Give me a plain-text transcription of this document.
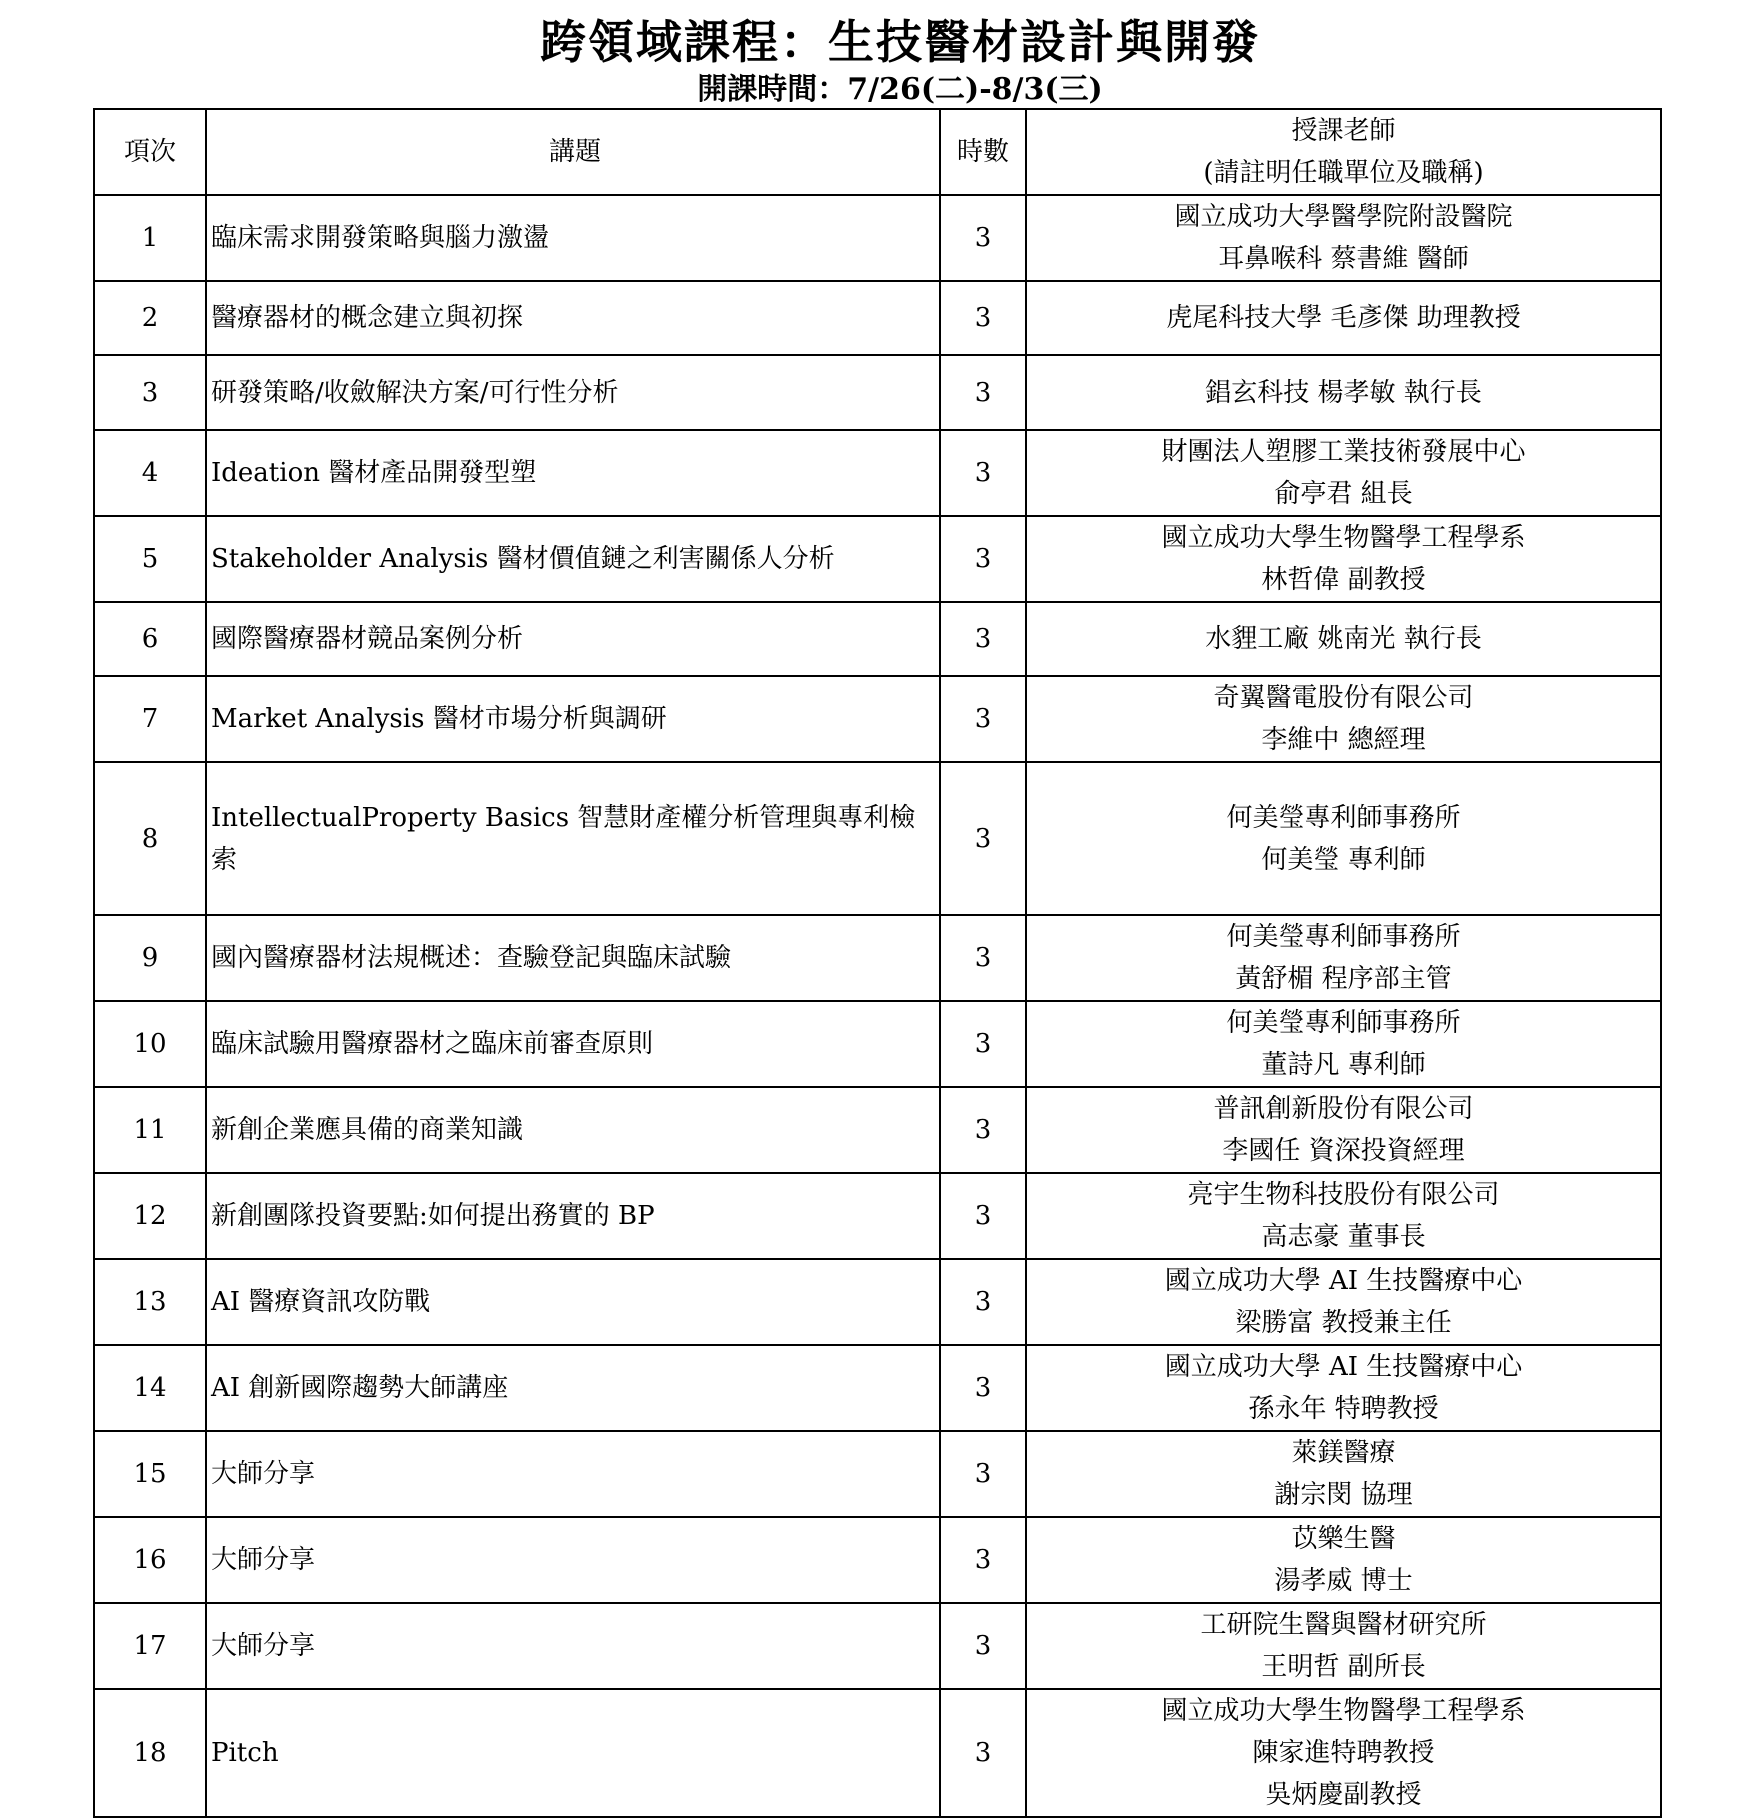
跨領域課程：生技醫材設計與開發
開課時間：7/26(二)-8/3(三)
項次	講題	時數	授課老師
(請註明任職單位及職稱)

1	臨床需求開發策略與腦力激盪	3	國立成功大學醫學院附設醫院
耳鼻喉科 蔡書維 醫師

2	醫療器材的概念建立與初探	3	虎尾科技大學 毛彥傑 助理教授

3	研發策略/收斂解決方案/可行性分析	3	錩玄科技 楊孝敏 執行長

4	Ideation 醫材產品開發型塑	3	財團法人塑膠工業技術發展中心
俞亭君 組長

5	Stakeholder Analysis 醫材價值鏈之利害關係人分析	3	國立成功大學生物醫學工程學系
林哲偉 副教授

6	國際醫療器材競品案例分析	3	水貍工廠 姚南光 執行長

7	Market Analysis 醫材市場分析與調研	3	奇翼醫電股份有限公司
李維中 總經理

8	IntellectualProperty Basics 智慧財產權分析管理與專利檢索	3	何美瑩專利師事務所
何美瑩 專利師

9	國內醫療器材法規概述：查驗登記與臨床試驗	3	何美瑩專利師事務所
黃舒楣 程序部主管

10	臨床試驗用醫療器材之臨床前審查原則	3	何美瑩專利師事務所
董詩凡 專利師

11	新創企業應具備的商業知識	3	普訊創新股份有限公司
李國任 資深投資經理

12	新創團隊投資要點:如何提出務實的 BP	3	亮宇生物科技股份有限公司
高志豪 董事長

13	AI 醫療資訊攻防戰	3	國立成功大學 AI 生技醫療中心
梁勝富 教授兼主任

14	AI 創新國際趨勢大師講座	3	國立成功大學 AI 生技醫療中心
孫永年 特聘教授

15	大師分享	3	萊鎂醫療
謝宗閔 協理

16	大師分享	3	苡樂生醫
湯孝威 博士

17	大師分享	3	工研院生醫與醫材研究所
王明哲 副所長

18	Pitch	3	國立成功大學生物醫學工程學系
陳家進特聘教授
吳炳慶副教授
